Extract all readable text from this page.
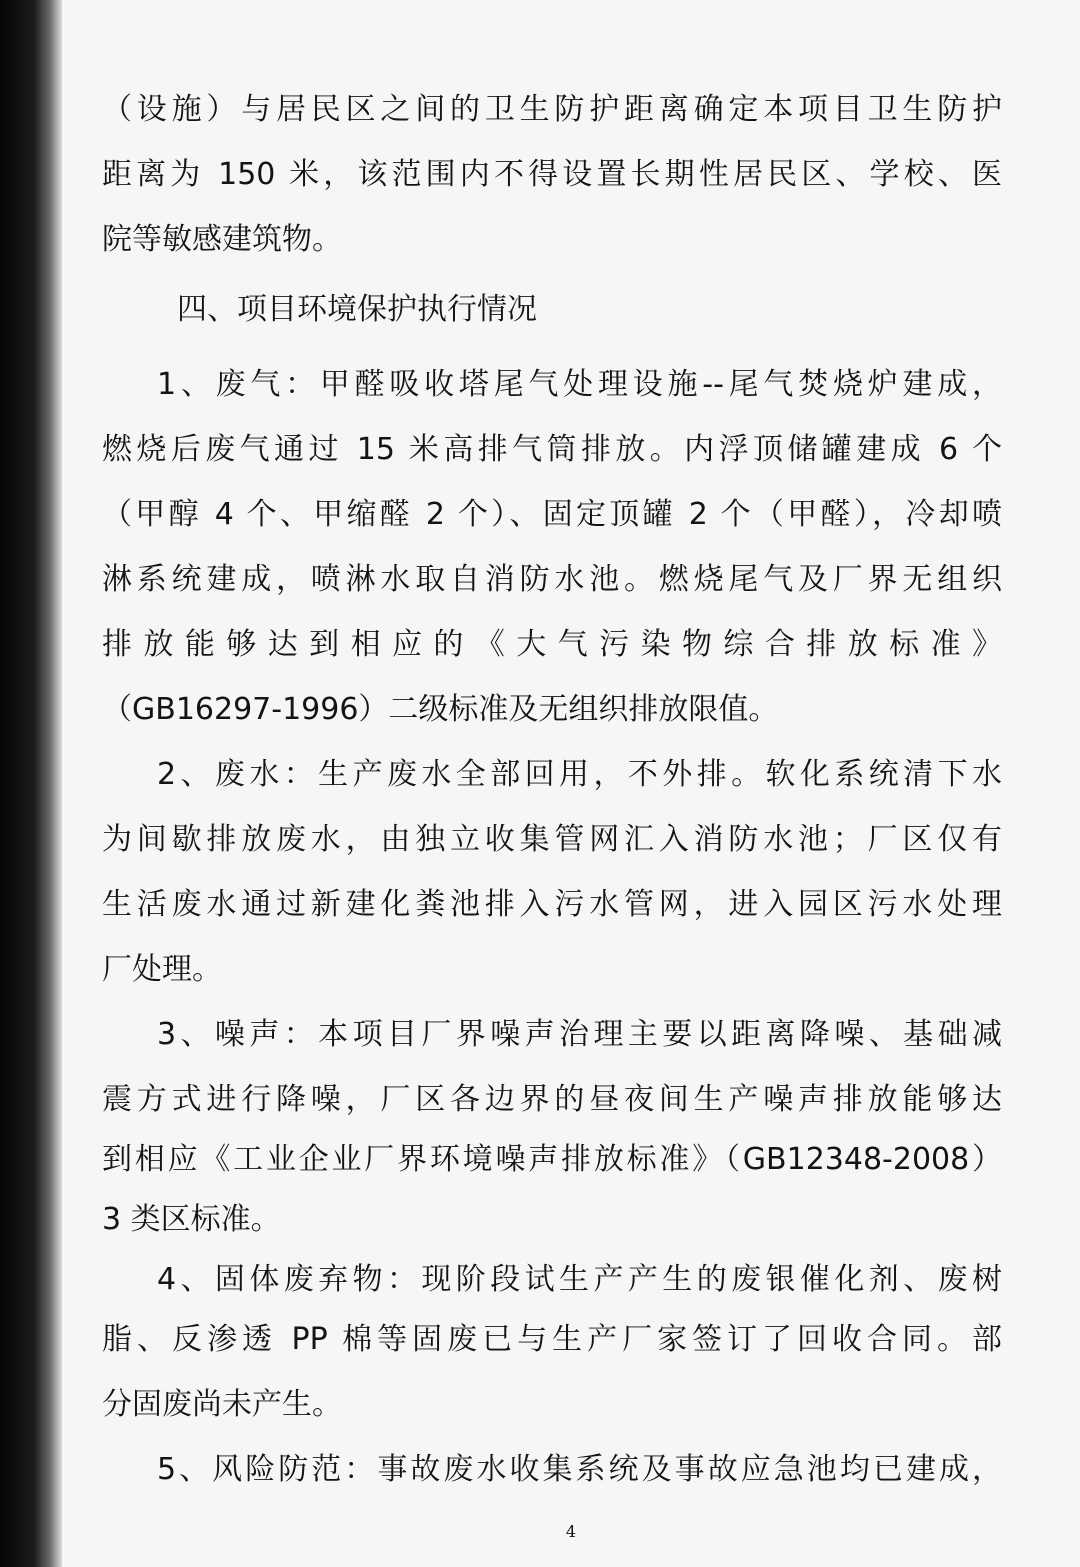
（设施）与居民区之间的卫生防护距离确定本项目卫生防护
距离为 150 米，该范围内不得设置长期性居民区、学校、医
院等敏感建筑物。
四、项目环境保护执行情况
1、废气：甲醛吸收塔尾气处理设施--尾气焚烧炉建成，
燃烧后废气通过 15 米高排气筒排放。内浮顶储罐建成 6 个
（甲醇 4 个、甲缩醛 2 个）、固定顶罐 2 个（甲醛），冷却喷
淋系统建成，喷淋水取自消防水池。燃烧尾气及厂界无组织
排放能够达到相应的《大气污染物综合排放标准》
（GB16297-1996）二级标准及无组织排放限值。
2、废水：生产废水全部回用，不外排。软化系统清下水
为间歇排放废水，由独立收集管网汇入消防水池；厂区仅有
生活废水通过新建化粪池排入污水管网，进入园区污水处理
厂处理。
3、噪声：本项目厂界噪声治理主要以距离降噪、基础减
震方式进行降噪，厂区各边界的昼夜间生产噪声排放能够达
到相应《工业企业厂界环境噪声排放标准》（GB12348-2008）
3 类区标准。
4、固体废弃物：现阶段试生产产生的废银催化剂、废树
脂、反渗透 PP 棉等固废已与生产厂家签订了回收合同。部
分固废尚未产生。
5、风险防范：事故废水收集系统及事故应急池均已建成，
4
